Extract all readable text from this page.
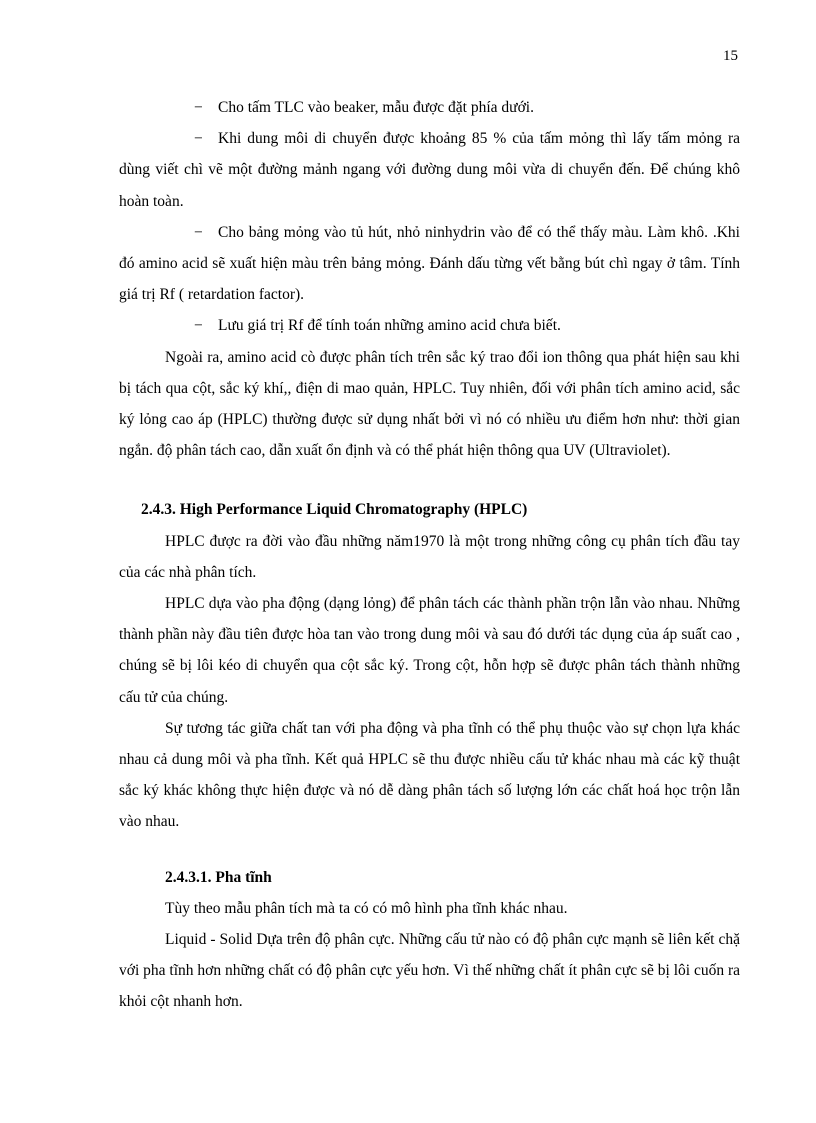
15

− Cho tấm TLC vào beaker, mẫu được đặt phía dưới.

− Khi dung môi di chuyển được khoảng 85 % của tấm mỏng thì lấy tấm mỏng ra dùng viết chì vẽ một đường mảnh ngang với đường dung môi vừa di chuyển đến. Để chúng khô hoàn toàn.

− Cho bảng mỏng vào tủ hút, nhỏ ninhydrin vào để có thể thấy màu. Làm khô. .Khi đó amino acid sẽ xuất hiện màu trên bảng mỏng. Đánh dấu từng vết bằng bút chì ngay ở tâm. Tính giá trị Rf ( retardation factor).

− Lưu giá trị Rf để tính toán những amino acid chưa biết.

Ngoài ra, amino acid cò được phân tích trên sắc ký trao đổi ion thông qua phát hiện sau khi bị tách qua cột, sắc ký khí,, điện di mao quản, HPLC. Tuy nhiên, đối với phân tích amino acid, sắc ký lỏng cao áp (HPLC) thường được sử dụng nhất bởi vì nó có nhiều ưu điểm hơn như: thời gian ngắn. độ phân tách cao, dẫn xuất ổn định và có thể phát hiện thông qua UV (Ultraviolet).

2.4.3. High Performance Liquid Chromatography (HPLC)

HPLC được ra đời vào đầu những năm1970 là một trong những công cụ phân tích đầu tay của các nhà phân tích.

HPLC dựa vào pha động (dạng lỏng) để phân tách các thành phần trộn lẫn vào nhau. Những thành phần này đầu tiên được hòa tan vào trong dung môi và sau đó dưới tác dụng của áp suất cao , chúng sẽ bị lôi kéo di chuyển qua cột sắc ký. Trong cột, hỗn hợp sẽ được phân tách thành những cấu tử của chúng.

Sự tương tác giữa chất tan với pha động và pha tĩnh có thể phụ thuộc vào sự chọn lựa khác nhau cả dung môi và pha tĩnh. Kết quả HPLC sẽ thu được nhiều cấu tử khác nhau mà các kỹ thuật sắc ký khác không thực hiện được và nó dễ dàng phân tách số lượng lớn các chất hoá học trộn lẫn vào nhau.

2.4.3.1. Pha tĩnh

Tùy theo mẫu phân tích mà ta có có mô hình pha tĩnh khác nhau.

Liquid - Solid Dựa trên độ phân cực. Những cấu tử nào có độ phân cực mạnh sẽ liên kết chặ với pha tĩnh hơn những chất có độ phân cực yếu hơn. Vì thế những chất ít phân cực sẽ bị lôi cuốn ra khỏi cột nhanh hơn.
